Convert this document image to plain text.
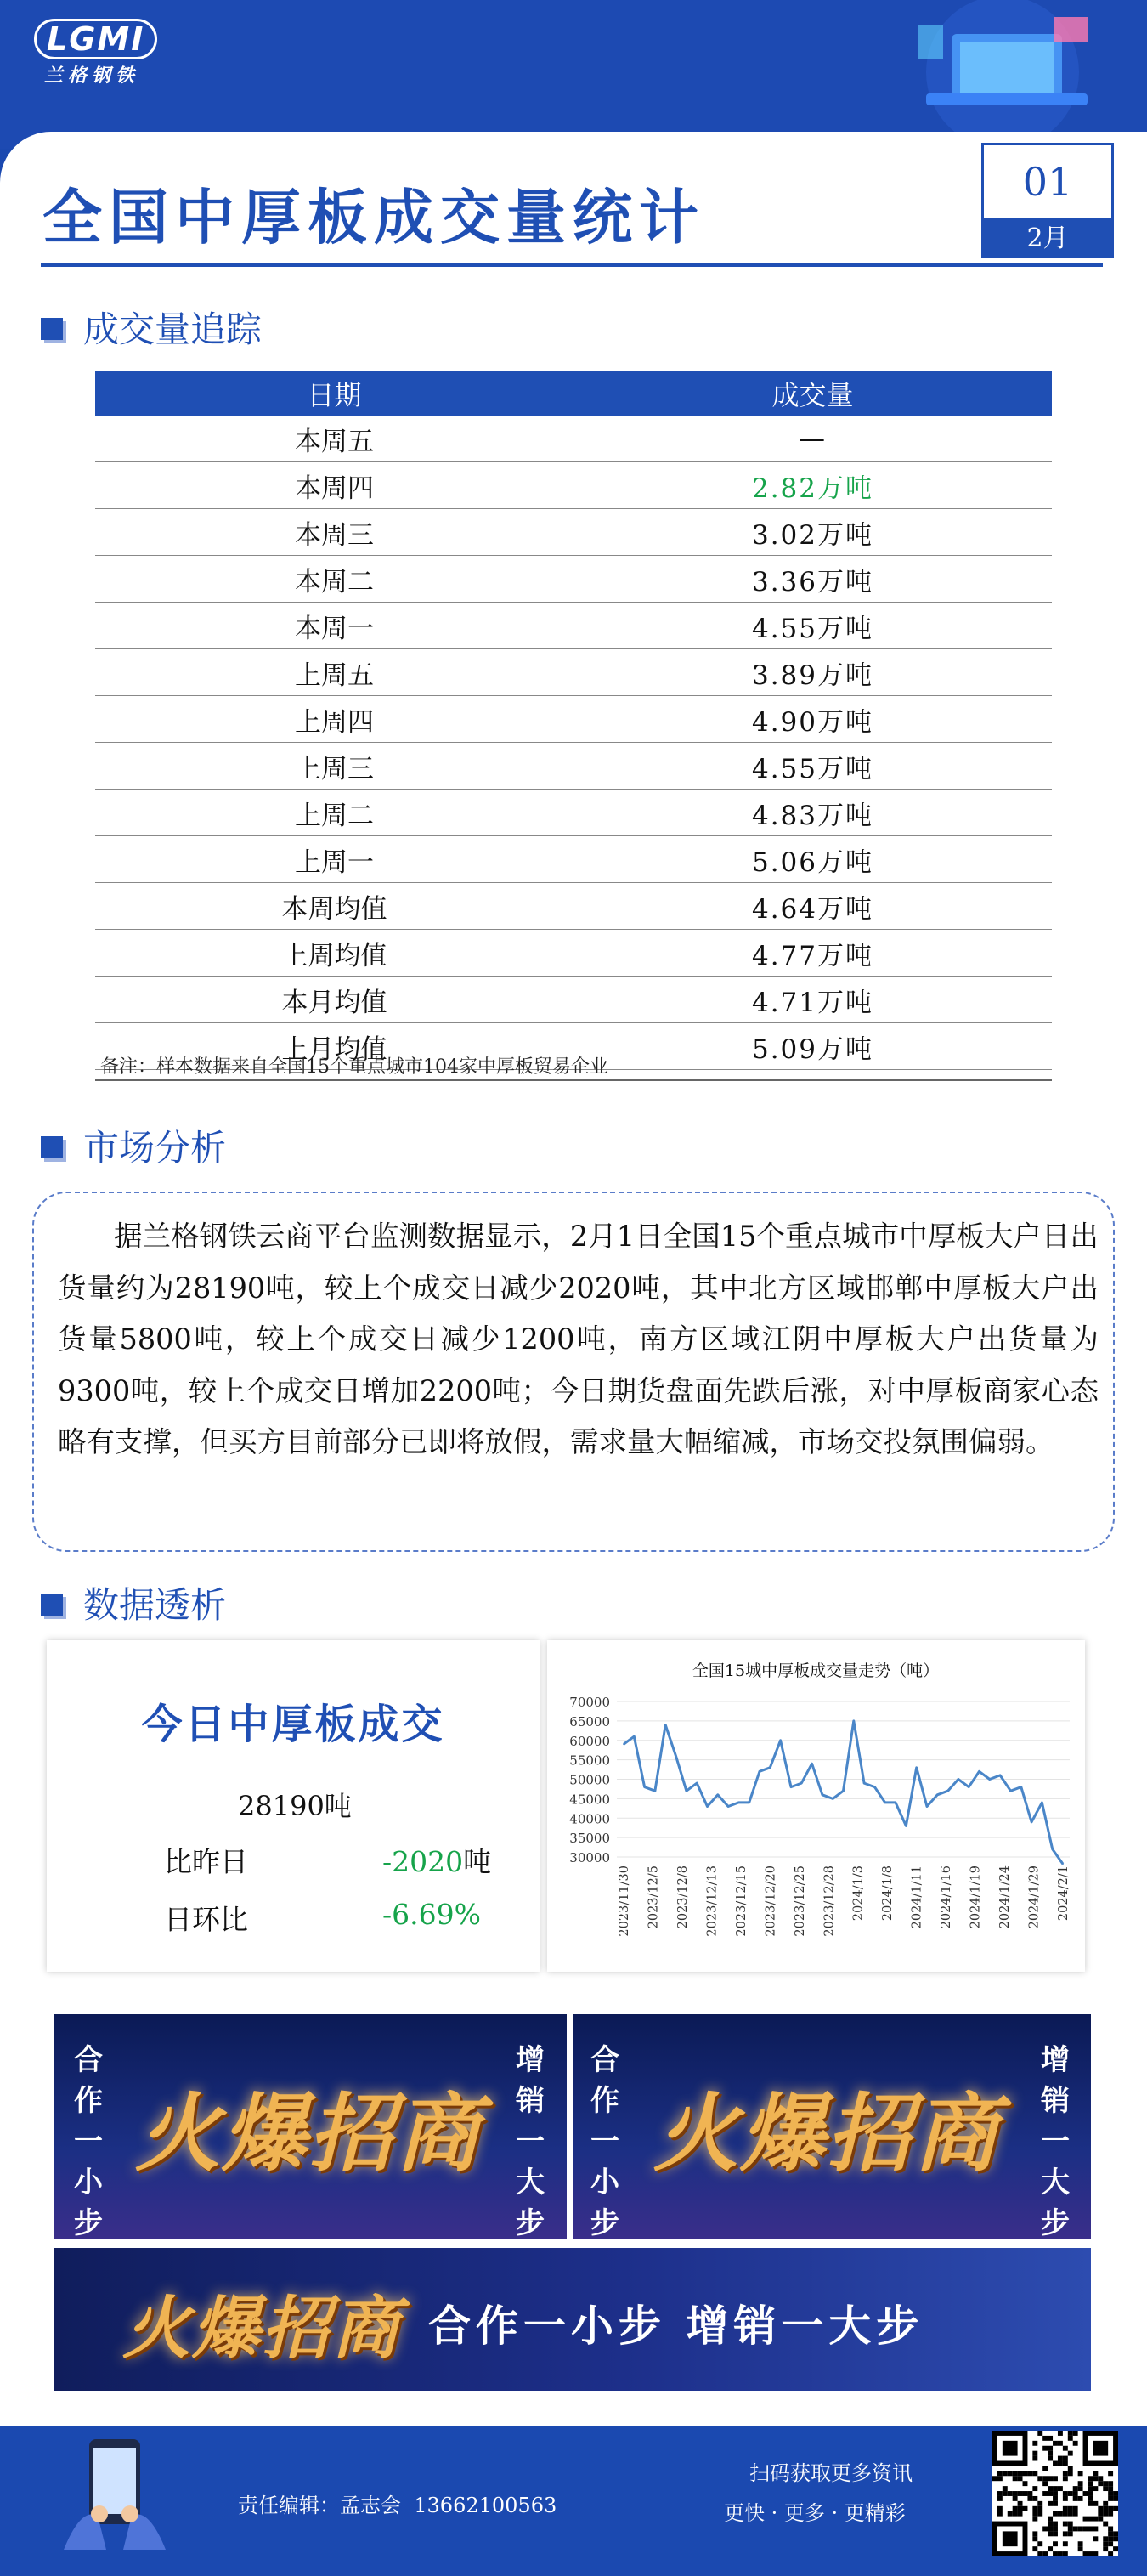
LGMI
兰格钢铁
全国中厚板成交量统计	01
2月
成交量追踪
日期	成交量
本周五	—
本周四	2.82万吨
本周三	3.02万吨
本周二	3.36万吨
本周一	4.55万吨
上周五	3.89万吨
上周四	4.90万吨
上周三	4.55万吨
上周二	4.83万吨
上周一	5.06万吨
本周均值	4.64万吨
上周均值	4.77万吨
本月均值	4.71万吨
上月均值	5.09万吨
备注：样本数据来自全国15个重点城市104家中厚板贸易企业
市场分析
据兰格钢铁云商平台监测数据显示，2月1日全国15个重点城市中厚板大户日出货量约为28190吨，较上个成交日减少2020吨，其中北方区域邯郸中厚板大户出货量5800吨，较上个成交日减少1200吨，南方区域江阴中厚板大户出货量为9300吨，较上个成交日增加2200吨；今日期货盘面先跌后涨，对中厚板商家心态略有支撑，但买方目前部分已即将放假，需求量大幅缩减，市场交投氛围偏弱。
数据透析
今日中厚板成交
28190吨
比昨日	-2020吨
日环比	-6.69%
全国15城中厚板成交量走势（吨）
30000
35000
40000
45000
50000
55000
60000
65000
70000
2023/11/30 2023/12/5 2023/12/8 2023/12/13 2023/12/15 2023/12/20 2023/12/25 2023/12/28 2024/1/3 2024/1/8 2024/1/11 2024/1/16 2024/1/19 2024/1/24 2024/1/29 2024/2/1
合作一小步
增销一大步
火爆招商
合作一小步
增销一大步
火爆招商
火爆招商 合作一小步 增销一大步
责任编辑：孟志会 13662100563
扫码获取更多资讯
更快 · 更多 · 更精彩
